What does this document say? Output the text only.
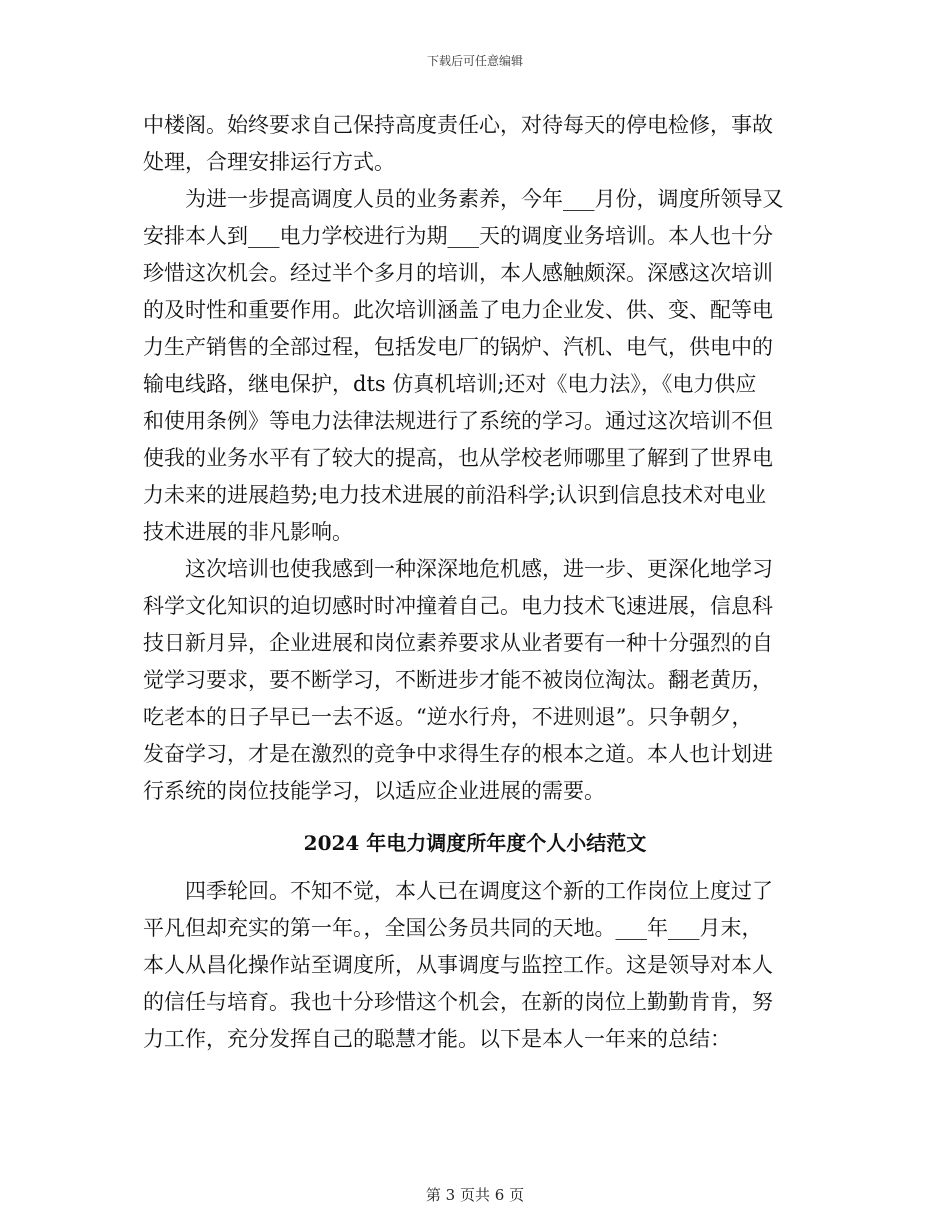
下载后可任意编辑
中楼阁。始终要求自己保持高度责任心，对待每天的停电检修，事故
处理，合理安排运行方式。
为进一步提高调度人员的业务素养，今年___月份，调度所领导又
安排本人到___电力学校进行为期___天的调度业务培训。本人也十分
珍惜这次机会。经过半个多月的培训，本人感触颇深。深感这次培训
的及时性和重要作用。此次培训涵盖了电力企业发、供、变、配等电
力生产销售的全部过程，包括发电厂的锅炉、汽机、电气，供电中的
输电线路，继电保护，dts 仿真机培训;还对《电力法》，《电力供应
和使用条例》等电力法律法规进行了系统的学习。通过这次培训不但
使我的业务水平有了较大的提高，也从学校老师哪里了解到了世界电
力未来的进展趋势;电力技术进展的前沿科学;认识到信息技术对电业
技术进展的非凡影响。
这次培训也使我感到一种深深地危机感，进一步、更深化地学习
科学文化知识的迫切感时时冲撞着自己。电力技术飞速进展，信息科
技日新月异，企业进展和岗位素养要求从业者要有一种十分强烈的自
觉学习要求，要不断学习，不断进步才能不被岗位淘汰。翻老黄历，
吃老本的日子早已一去不返。“逆水行舟，不进则退”。只争朝夕，
发奋学习，才是在激烈的竞争中求得生存的根本之道。本人也计划进
行系统的岗位技能学习，以适应企业进展的需要。
2024 年电力调度所年度个人小结范文
四季轮回。不知不觉，本人已在调度这个新的工作岗位上度过了
平凡但却充实的第一年。，全国公务员共同的天地。___年___月末，
本人从昌化操作站至调度所，从事调度与监控工作。这是领导对本人
的信任与培育。我也十分珍惜这个机会，在新的岗位上勤勤肯肯，努
力工作，充分发挥自己的聪慧才能。以下是本人一年来的总结：
第 3 页共 6 页
